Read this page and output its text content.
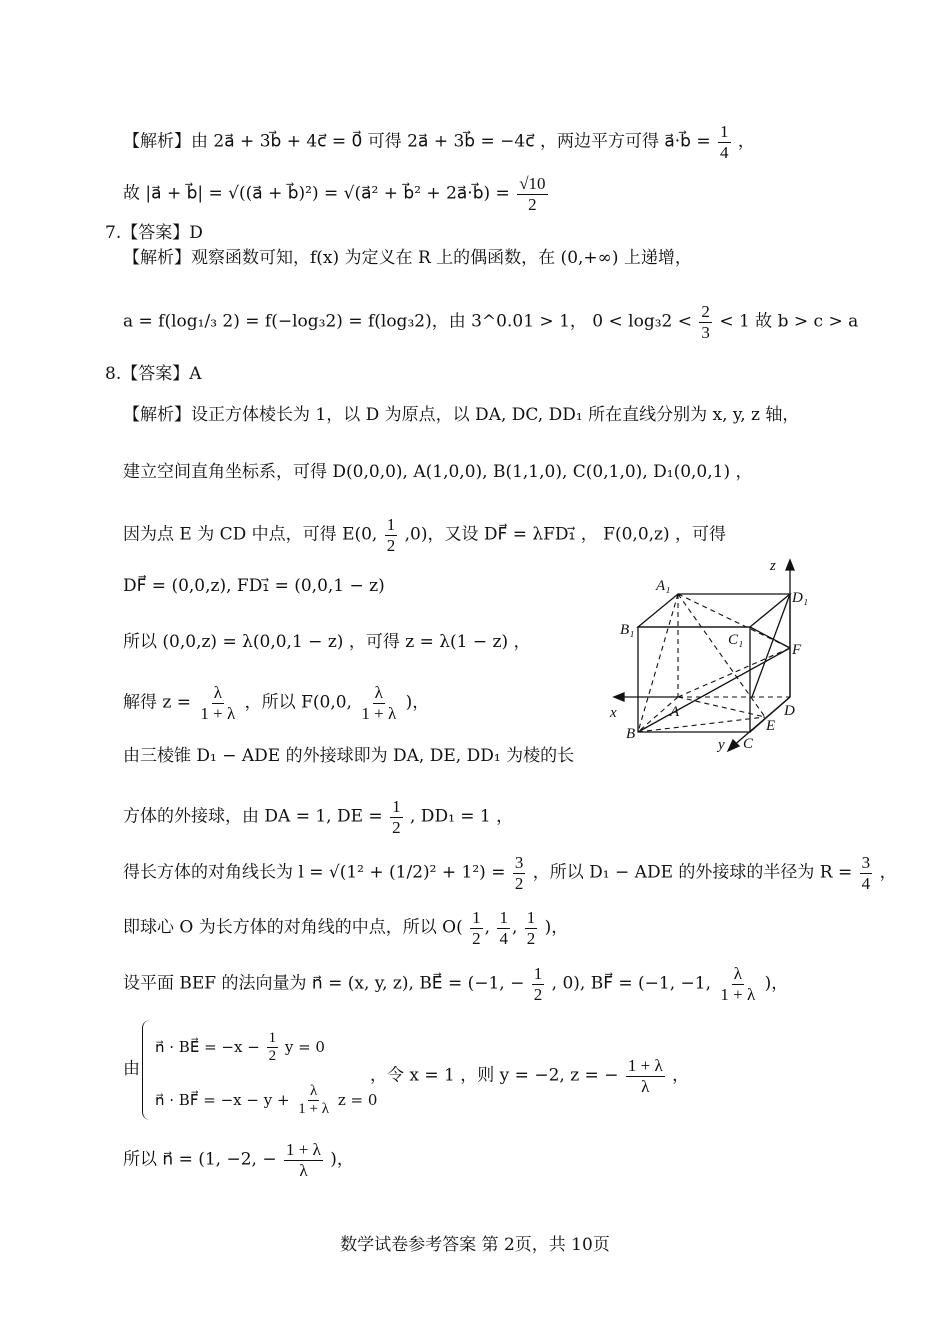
【解析】由 2a⃗ + 3b⃗ + 4c⃗ = 0⃗ 可得 2a⃗ + 3b⃗ = −4c⃗ ，两边平方可得 a⃗·b⃗ = $\frac{1}{4}$ ，
故 |a⃗ + b⃗| = √((a⃗ + b⃗)²) = √(a⃗² + b⃗² + 2a⃗·b⃗) = $\frac{√10}{2}$
7.【答案】D
【解析】观察函数可知，f(x) 为定义在 R 上的偶函数，在 (0,+∞) 上递增，
a = f(log₁/₃ 2) = f(−log₃2) = f(log₃2)，由 3^0.01 > 1， $0 < \log_32 < \frac{2}{3} < 1$ 故 b > c > a
8.【答案】A
【解析】设正方体棱长为 1，以 D 为原点，以 DA, DC, DD₁ 所在直线分别为 x, y, z 轴，
建立空间直角坐标系，可得 D(0,0,0), A(1,0,0), B(1,1,0), C(0,1,0), D₁(0,0,1) ，
因为点 E 为 CD 中点，可得 E(0, $\frac{1}{2} ,0$)，又设 DF⃗ = λFD₁⃗ ， F(0,0,z) ，可得
DF⃗ = (0,0,z), FD₁⃗ = (0,0,1 − z)
所以 (0,0,z) = λ(0,0,1 − z) ，可得 z = λ(1 − z) ，
解得 $z = \frac{\lambda}{1 + \lambda}$ ，所以 F(0,0, $\frac{\lambda}{1 + \lambda}$ )，
由三棱锥 D₁ − ADE 的外接球即为 DA, DE, DD₁ 为棱的长
方体的外接球，由 DA = 1, DE = $\frac{1}{2}$ , DD₁ = 1 ，
得长方体的对角线长为 $l = √(1^2 + (1/2)^2 + 1^2) = \frac{3}{2}$ ，所以 D₁ − ADE 的外接球的半径为 $R = \frac{3}{4}$ ，
即球心 O 为长方体的对角线的中点，所以 $O( \frac{1}{2}$ , $\frac{1}{4}$ , $\frac{1}{2}$ )，
设平面 BEF 的法向量为 n⃗ = (x, y, z), BE⃗ = (−1, − $\frac{1}{2}$ , 0), BF⃗ = (−1, −1, $\frac{\lambda}{1 + \lambda}$ )，
由
n⃗ · BE⃗ = $-x - \frac{1}{2}$ y = 0
n⃗ · BF⃗ = $-x - y + \frac{\lambda}{1 + \lambda}$ z = 0
，令 x = 1 ，则 y = −2, z = − $\frac{1 + \lambda}{\lambda}$ ，
所以 n⃗ = (1, −2, − $\frac{1 + \lambda}{\lambda}$ )，
A₁
D₁
B₁
C₁
F
x	A	D
B	E
y C
z
数学试卷参考答案 第 2页，共 10页
